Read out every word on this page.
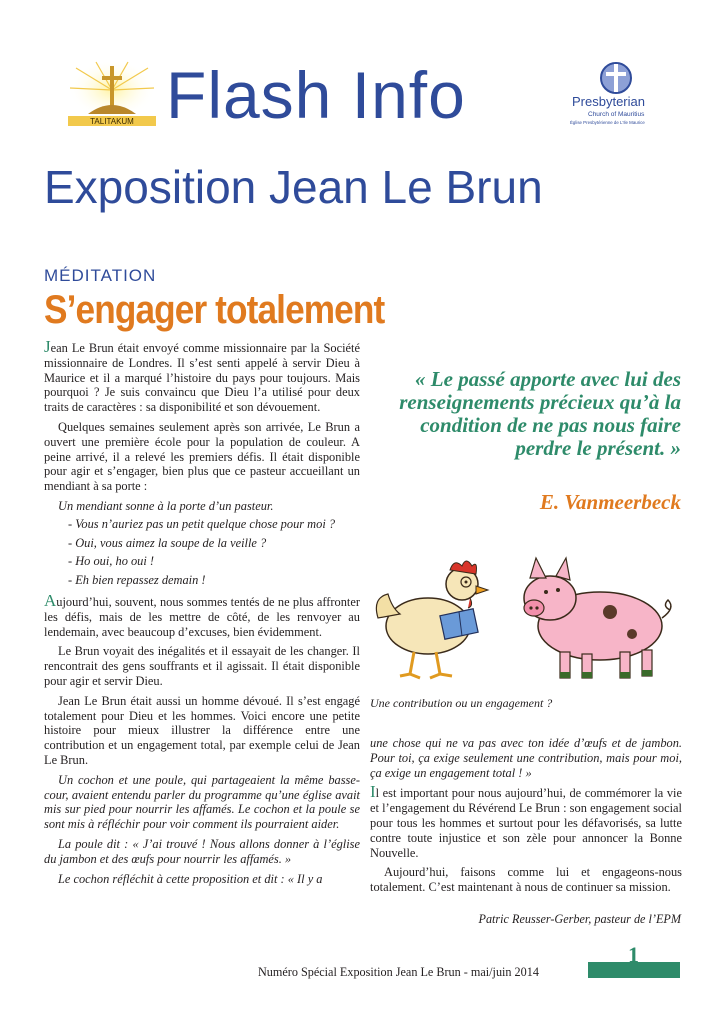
TALITAKUM Flash Info	Presbyterian
Church of Mauritius
Église Presbytérienne de L'Ile Maurice
Exposition Jean Le Brun
MÉDITATION
S’engager totalement

Jean Le Brun était envoyé comme missionnaire par la Société missionnaire de Londres. Il s’est senti appelé à servir Dieu à Maurice et il a marqué l’histoire du pays pour toujours. Mais pourquoi ? Je suis convaincu que Dieu l’a utilisé pour deux traits de caractères : sa disponibilité et son dévouement.

Quelques semaines seulement après son arrivée, Le Brun a ouvert une première école pour la population de couleur. A peine arrivé, il a relevé les premiers défis. Il était disponible pour agir et s’engager, bien plus que ce pasteur accueillant un mendiant à sa porte :

Un mendiant sonne à la porte d’un pasteur.

- Vous n’auriez pas un petit quelque chose pour moi ?
- Oui, vous aimez la soupe de la veille ?
- Ho oui, ho oui !
- Eh bien repassez demain !

Aujourd’hui, souvent, nous sommes tentés de ne plus affronter les défis, mais de les mettre de côté, de les renvoyer au lendemain, avec beaucoup d’excuses, bien évidemment.

Le Brun voyait des inégalités et il essayait de les changer. Il rencontrait des gens souffrants et il agissait. Il était disponible pour agir et servir Dieu.

Jean Le Brun était aussi un homme dévoué. Il s’est engagé totalement pour Dieu et les hommes. Voici encore une petite histoire pour mieux illustrer la différence entre une contribution et un engagement total, par exemple celui de Jean Le Brun.

Un cochon et une poule, qui partageaient la même basse-cour, avaient entendu parler du programme qu’une église avait mis sur pied pour nourrir les affamés. Le cochon et la poule se sont mis à réfléchir pour voir comment ils pourraient aider.

La poule dit : « J’ai trouvé ! Nous allons donner à l’église du jambon et des œufs pour nourrir les affamés. »

Le cochon réfléchit à cette proposition et dit : « Il y a

« Le passé apporte avec lui des renseignements précieux qu’à la condition de ne pas nous faire perdre le présent. »
E. Vanmeerbeck
Une contribution ou un engagement ?

une chose qui ne va pas avec ton idée d’œufs et de jambon. Pour toi, ça exige seulement une contribution, mais pour moi, ça exige un engagement total ! »

Il est important pour nous aujourd’hui, de commémorer la vie et l’engagement du Révérend Le Brun : son engagement social pour tous les hommes et surtout pour les défavorisés, sa lutte contre toute injustice et son zèle pour annoncer la Bonne Nouvelle.

Aujourd’hui, faisons comme lui et engageons-nous totalement. C’est maintenant à nous de continuer sa mission.

Patric Reusser-Gerber, pasteur de l’EPM
Numéro Spécial Exposition Jean Le Brun - mai/juin 2014
1
